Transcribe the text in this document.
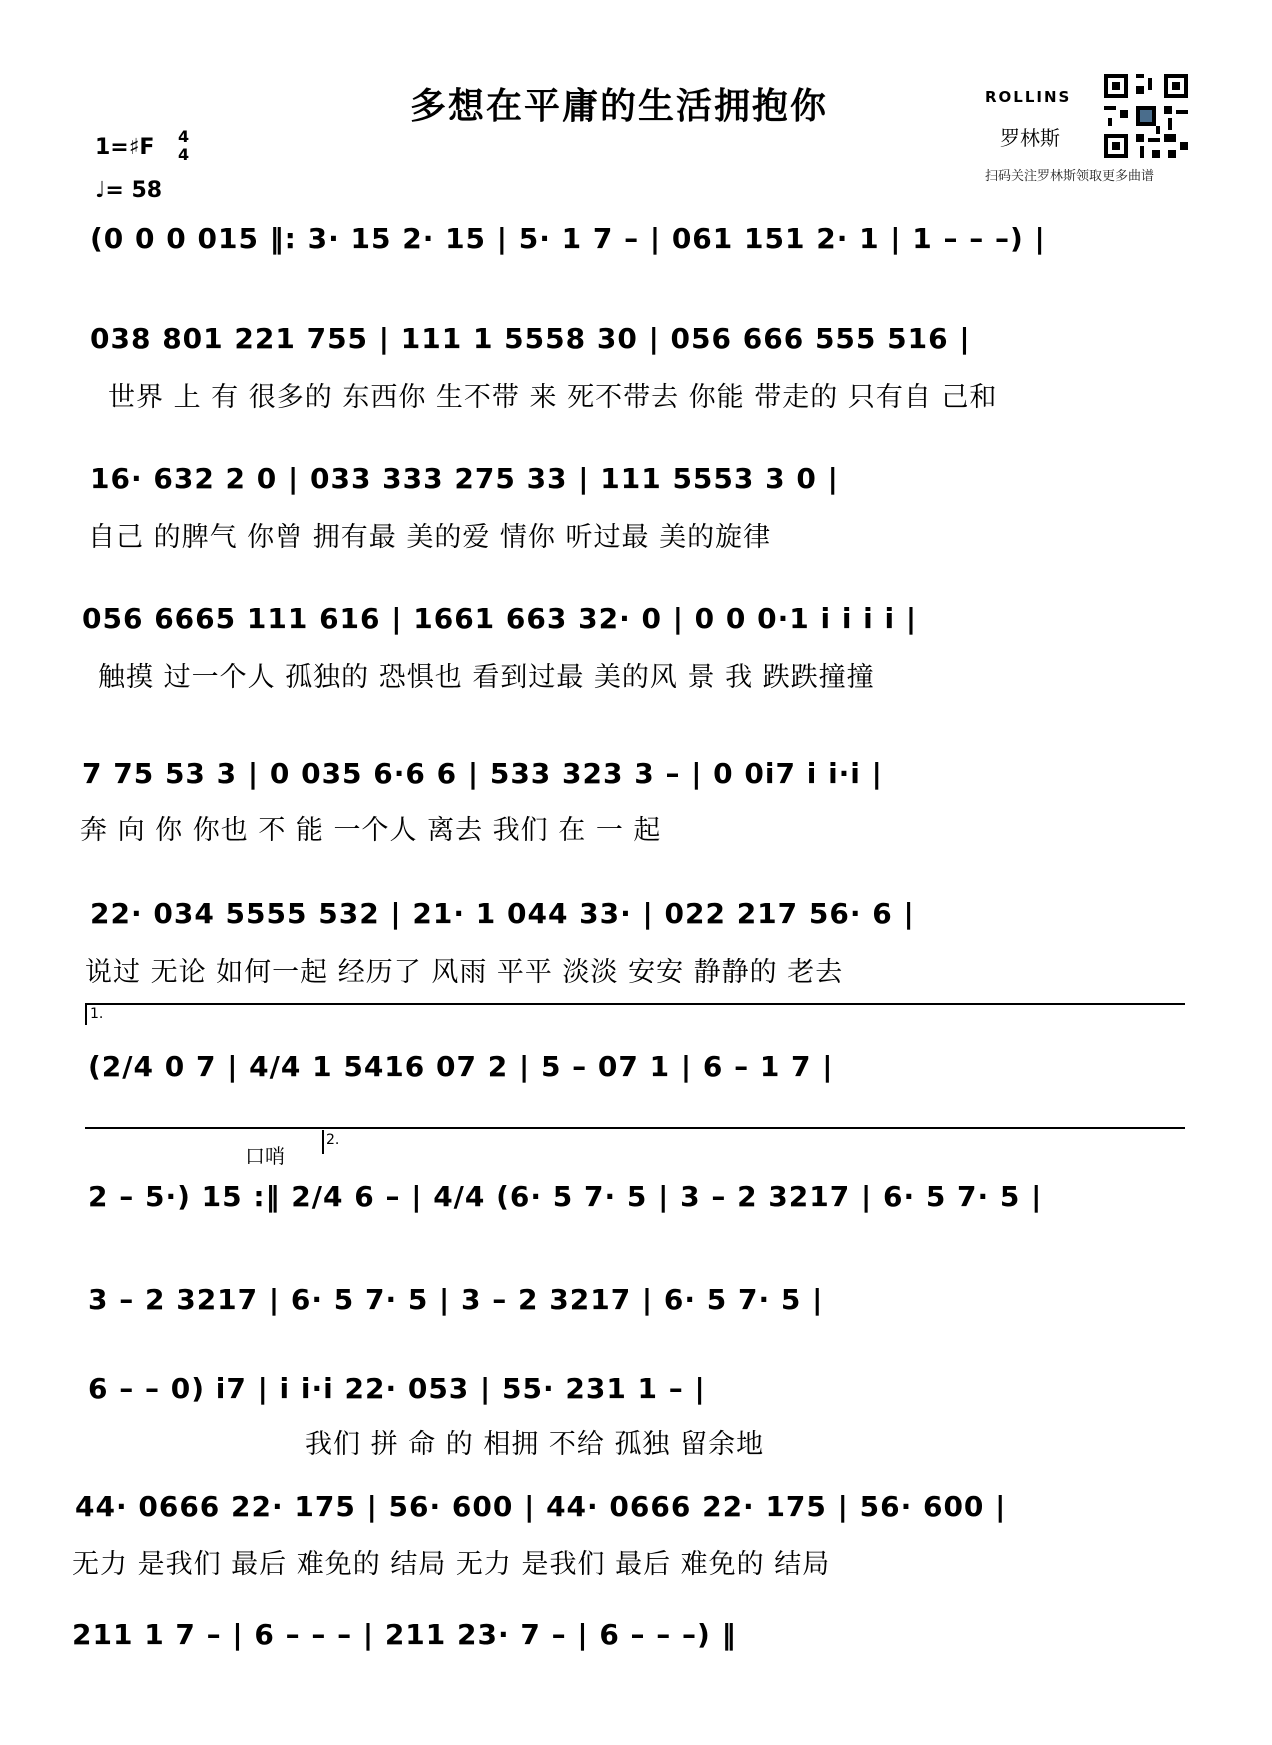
多想在平庸的生活拥抱你
1=♯F 4
4
♩= 58
ROLLINS
罗林斯
扫码关注罗林斯领取更多曲谱
(0 0 0 015 ‖: 3· 15 2· 15 | 5· 1 7 – | 061 151 2· 1 | 1 – – –) |
038 801 221 755 | 111 1 5558 30 | 056 666 555 516 |
世界 上 有 很多的 东西你 生不带 来 死不带去 你能 带走的 只有自 己和
16· 632 2 0 | 033 333 275 33 | 111 5553 3 0 |
自己 的脾气 你曾 拥有最 美的爱 情你 听过最 美的旋律
056 6665 111 616 | 1661 663 32· 0 | 0 0 0·1 i i i i |
触摸 过一个人 孤独的 恐惧也 看到过最 美的风 景 我 跌跌撞撞
7 75 53 3 | 0 035 6·6 6 | 533 323 3 – | 0 0i7 i i·i |
奔 向 你 你也 不 能 一个人 离去 我们 在 一 起
22· 034 5555 532 | 21· 1 044 33· | 022 217 56· 6 |
说过 无论 如何一起 经历了 风雨 平平 淡淡 安安 静静的 老去
1.
(2/4 0 7 | 4/4 1 5416 07 2 | 5 – 07 1 | 6 – 1 7 |
口哨
2.
2 – 5·) 15 :‖ 2/4 6 – | 4/4 (6· 5 7· 5 | 3 – 2 3217 | 6· 5 7· 5 |
3 – 2 3217 | 6· 5 7· 5 | 3 – 2 3217 | 6· 5 7· 5 |
6 – – 0) i7 | i i·i 22· 053 | 55· 231 1 – |
我们 拼 命 的 相拥 不给 孤独 留余地
44· 0666 22· 175 | 56· 600 | 44· 0666 22· 175 | 56· 600 |
无力 是我们 最后 难免的 结局 无力 是我们 最后 难免的 结局
211 1 7 – | 6 – – – | 211 23· 7 – | 6 – – –) ‖
